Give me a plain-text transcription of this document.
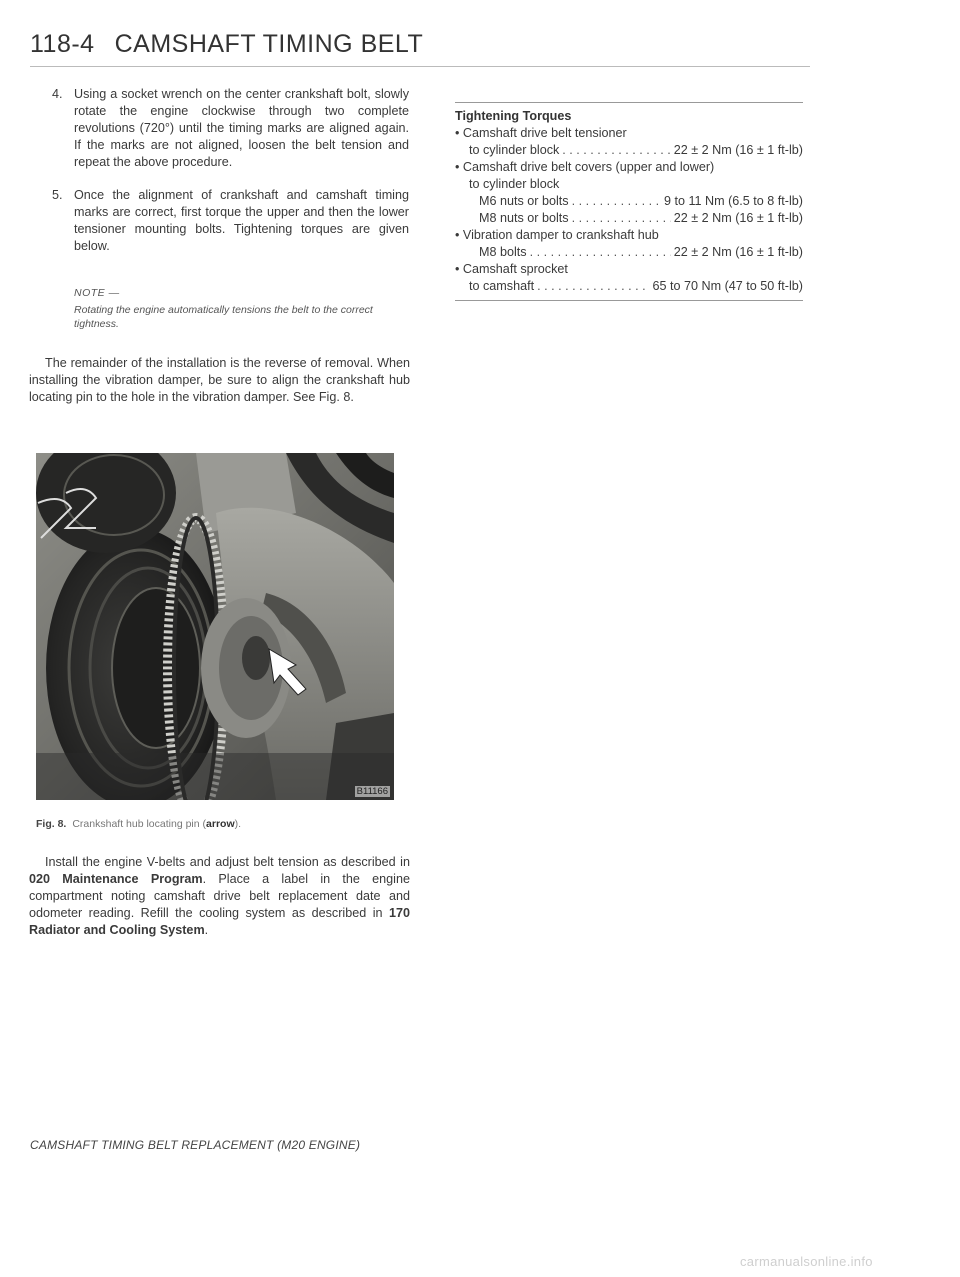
118-4 CAMSHAFT TIMING BELT
4. Using a socket wrench on the center crankshaft bolt, slowly rotate the engine clockwise through two complete revolutions (720°) until the timing marks are aligned again. If the marks are not aligned, loosen the belt tension and repeat the above procedure.
5. Once the alignment of crankshaft and camshaft timing marks are correct, first torque the upper and then the lower tensioner mounting bolts. Tightening torques are given below.
NOTE —
Rotating the engine automatically tensions the belt to the correct tightness.

The remainder of the installation is the reverse of removal. When installing the vibration damper, be sure to align the crankshaft hub locating pin to the hole in the vibration damper. See Fig. 8.

B11166
Fig. 8. Crankshaft hub locating pin (arrow).

Install the engine V-belts and adjust belt tension as described in 020 Maintenance Program. Place a label in the engine compartment noting camshaft drive belt replacement date and odometer reading. Refill the cooling system as described in 170 Radiator and Cooling System.

Tightening Torques
• Camshaft drive belt tensioner
to cylinder block . . .	22 ± 2 Nm (16 ± 1 ft-lb)
• Camshaft drive belt covers (upper and lower)
to cylinder block
M6 nuts or bolts . . .	9 to 11 Nm (6.5 to 8 ft-lb)
M8 nuts or bolts . . .	22 ± 2 Nm (16 ± 1 ft-lb)
• Vibration damper to crankshaft hub
M8 bolts . . .	22 ± 2 Nm (16 ± 1 ft-lb)
• Camshaft sprocket
to camshaft . . .	65 to 70 Nm (47 to 50 ft-lb)
CAMSHAFT TIMING BELT REPLACEMENT (M20 ENGINE)
carmanualsonline.info
